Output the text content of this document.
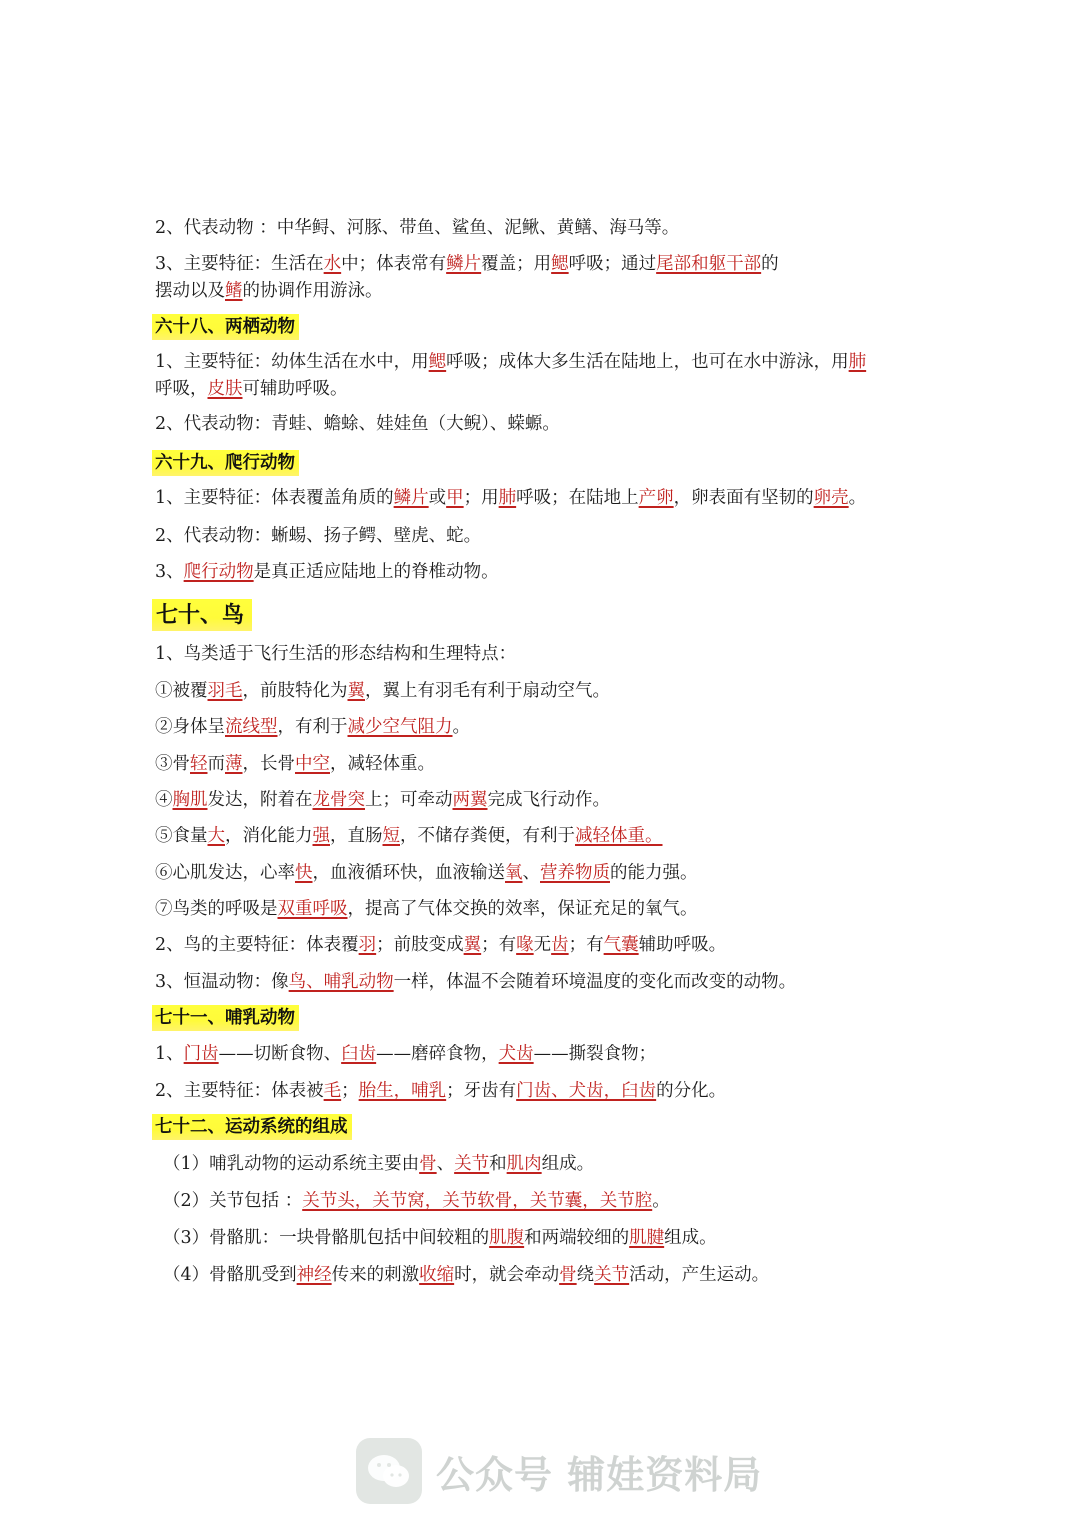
2、代表动物 ：中华鲟、河豚、带鱼、鲨鱼、泥鳅、黄鳝、海马等。
3、主要特征：生活在水中；体表常有鳞片覆盖；用鳃呼吸；通过尾部和躯干部的
摆动以及鳍的协调作用游泳。
六十八、两栖动物
1、主要特征：幼体生活在水中，用鳃呼吸；成体大多生活在陆地上，也可在水中游泳，用肺
呼吸，皮肤可辅助呼吸。
2、代表动物：青蛙、蟾蜍、娃娃鱼（大鲵）、蝾螈。
六十九、爬行动物
1、主要特征：体表覆盖角质的鳞片或甲；用肺呼吸；在陆地上产卵，卵表面有坚韧的卵壳。
2、代表动物：蜥蜴、扬子鳄、壁虎、蛇。
3、爬行动物是真正适应陆地上的脊椎动物。
七十、鸟
1、鸟类适于飞行生活的形态结构和生理特点：
①被覆羽毛，前肢特化为翼，翼上有羽毛有利于扇动空气。
②身体呈流线型，有利于减少空气阻力。
③骨轻而薄，长骨中空，减轻体重。
④胸肌发达，附着在龙骨突上；可牵动两翼完成飞行动作。
⑤食量大，消化能力强，直肠短，不储存粪便，有利于减轻体重。
⑥心肌发达，心率快，血液循环快，血液输送氧、营养物质的能力强。
⑦鸟类的呼吸是双重呼吸，提高了气体交换的效率，保证充足的氧气。
2、鸟的主要特征：体表覆羽；前肢变成翼；有喙无齿；有气囊辅助呼吸。
3、恒温动物：像鸟、哺乳动物一样，体温不会随着环境温度的变化而改变的动物。
七十一、哺乳动物
1、门齿——切断食物、臼齿——磨碎食物，犬齿——撕裂食物；
2、主要特征：体表被毛；胎生，哺乳；牙齿有门齿、犬齿，臼齿的分化。
七十二、运动系统的组成
（1）哺乳动物的运动系统主要由骨、关节和肌肉组成。
（2）关节包括 ：关节头，关节窝，关节软骨，关节囊，关节腔。
（3）骨骼肌：一块骨骼肌包括中间较粗的肌腹和两端较细的肌腱组成。
（4）骨骼肌受到神经传来的刺激收缩时，就会牵动骨绕关节活动，产生运动。
公众号 辅娃资料局
